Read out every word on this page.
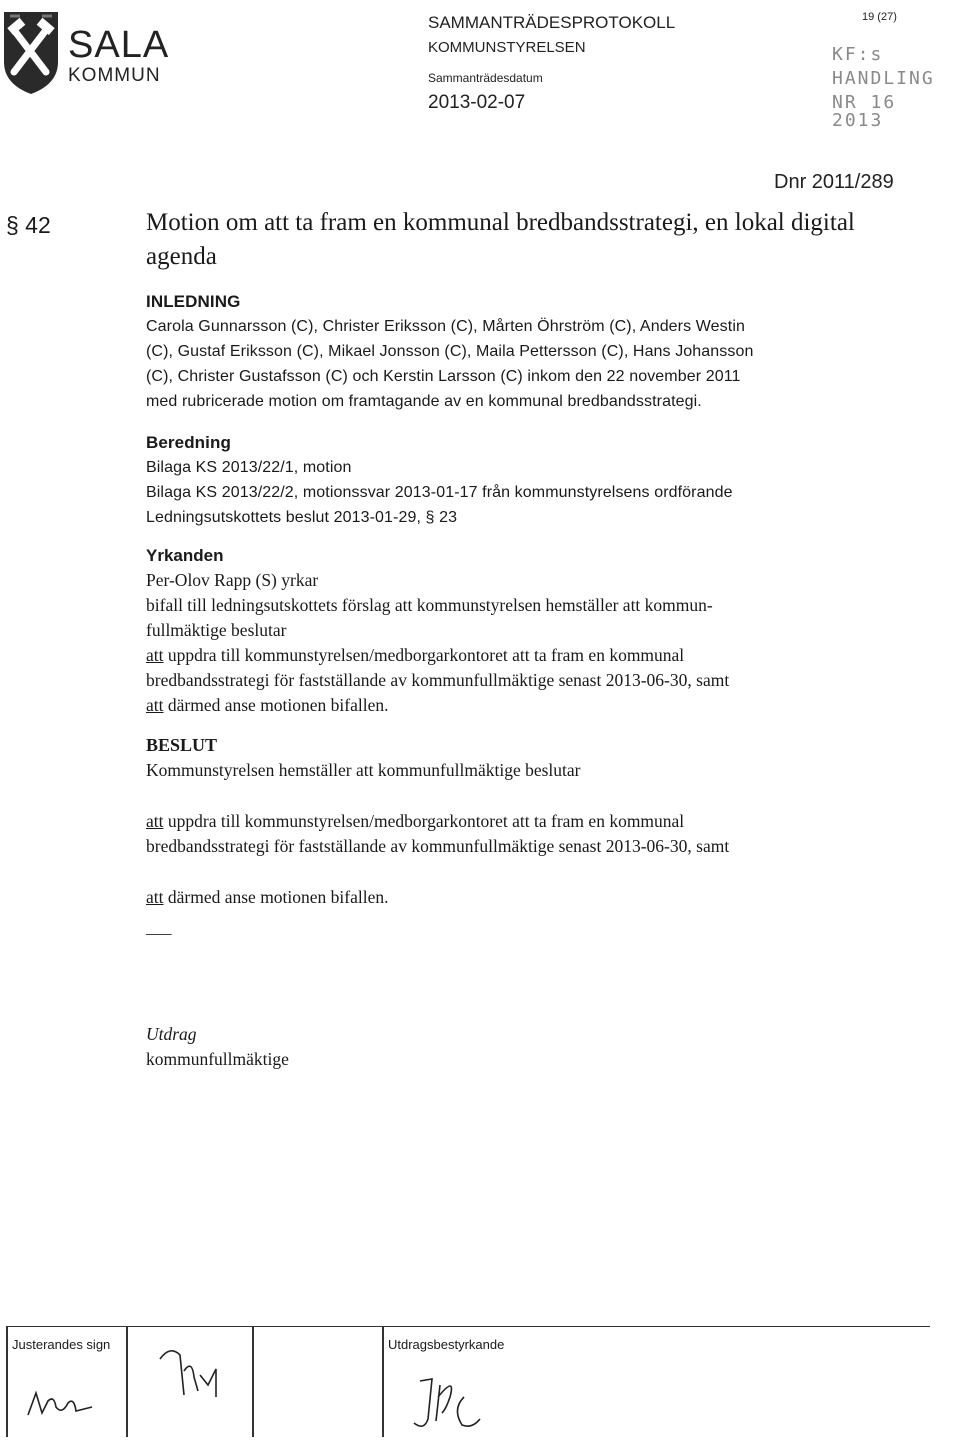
SALA
KOMMUN
SAMMANTRÄDESPROTOKOLL
KOMMUNSTYRELSEN
Sammanträdesdatum
2013-02-07
19 (27)
KF:s
HANDLING
NR 16 2013
Dnr 2011/289
§ 42	Motion om att ta fram en kommunal bredbandsstrategi, en lokal digital agenda
INLEDNING
Carola Gunnarsson (C), Christer Eriksson (C), Mårten Öhrström (C), Anders Westin
(C), Gustaf Eriksson (C), Mikael Jonsson (C), Maila Pettersson (C), Hans Johansson
(C), Christer Gustafsson (C) och Kerstin Larsson (C) inkom den 22 november 2011
med rubricerade motion om framtagande av en kommunal bredbandsstrategi.
Beredning
Bilaga KS 2013/22/1, motion
Bilaga KS 2013/22/2, motionssvar 2013-01-17 från kommunstyrelsens ordförande
Ledningsutskottets beslut 2013-01-29, § 23
Yrkanden
Per-Olov Rapp (S) yrkar
bifall till ledningsutskottets förslag att kommunstyrelsen hemställer att kommun-
fullmäktige beslutar
att uppdra till kommunstyrelsen/medborgarkontoret att ta fram en kommunal
bredbandsstrategi för fastställande av kommunfullmäktige senast 2013-06-30, samt
att därmed anse motionen bifallen.
BESLUT
Kommunstyrelsen hemställer att kommunfullmäktige beslutar
att uppdra till kommunstyrelsen/medborgarkontoret att ta fram en kommunal
bredbandsstrategi för fastställande av kommunfullmäktige senast 2013-06-30, samt
att därmed anse motionen bifallen.
___
Utdrag
kommunfullmäktige
Justerandes sign	Utdragsbestyrkande
